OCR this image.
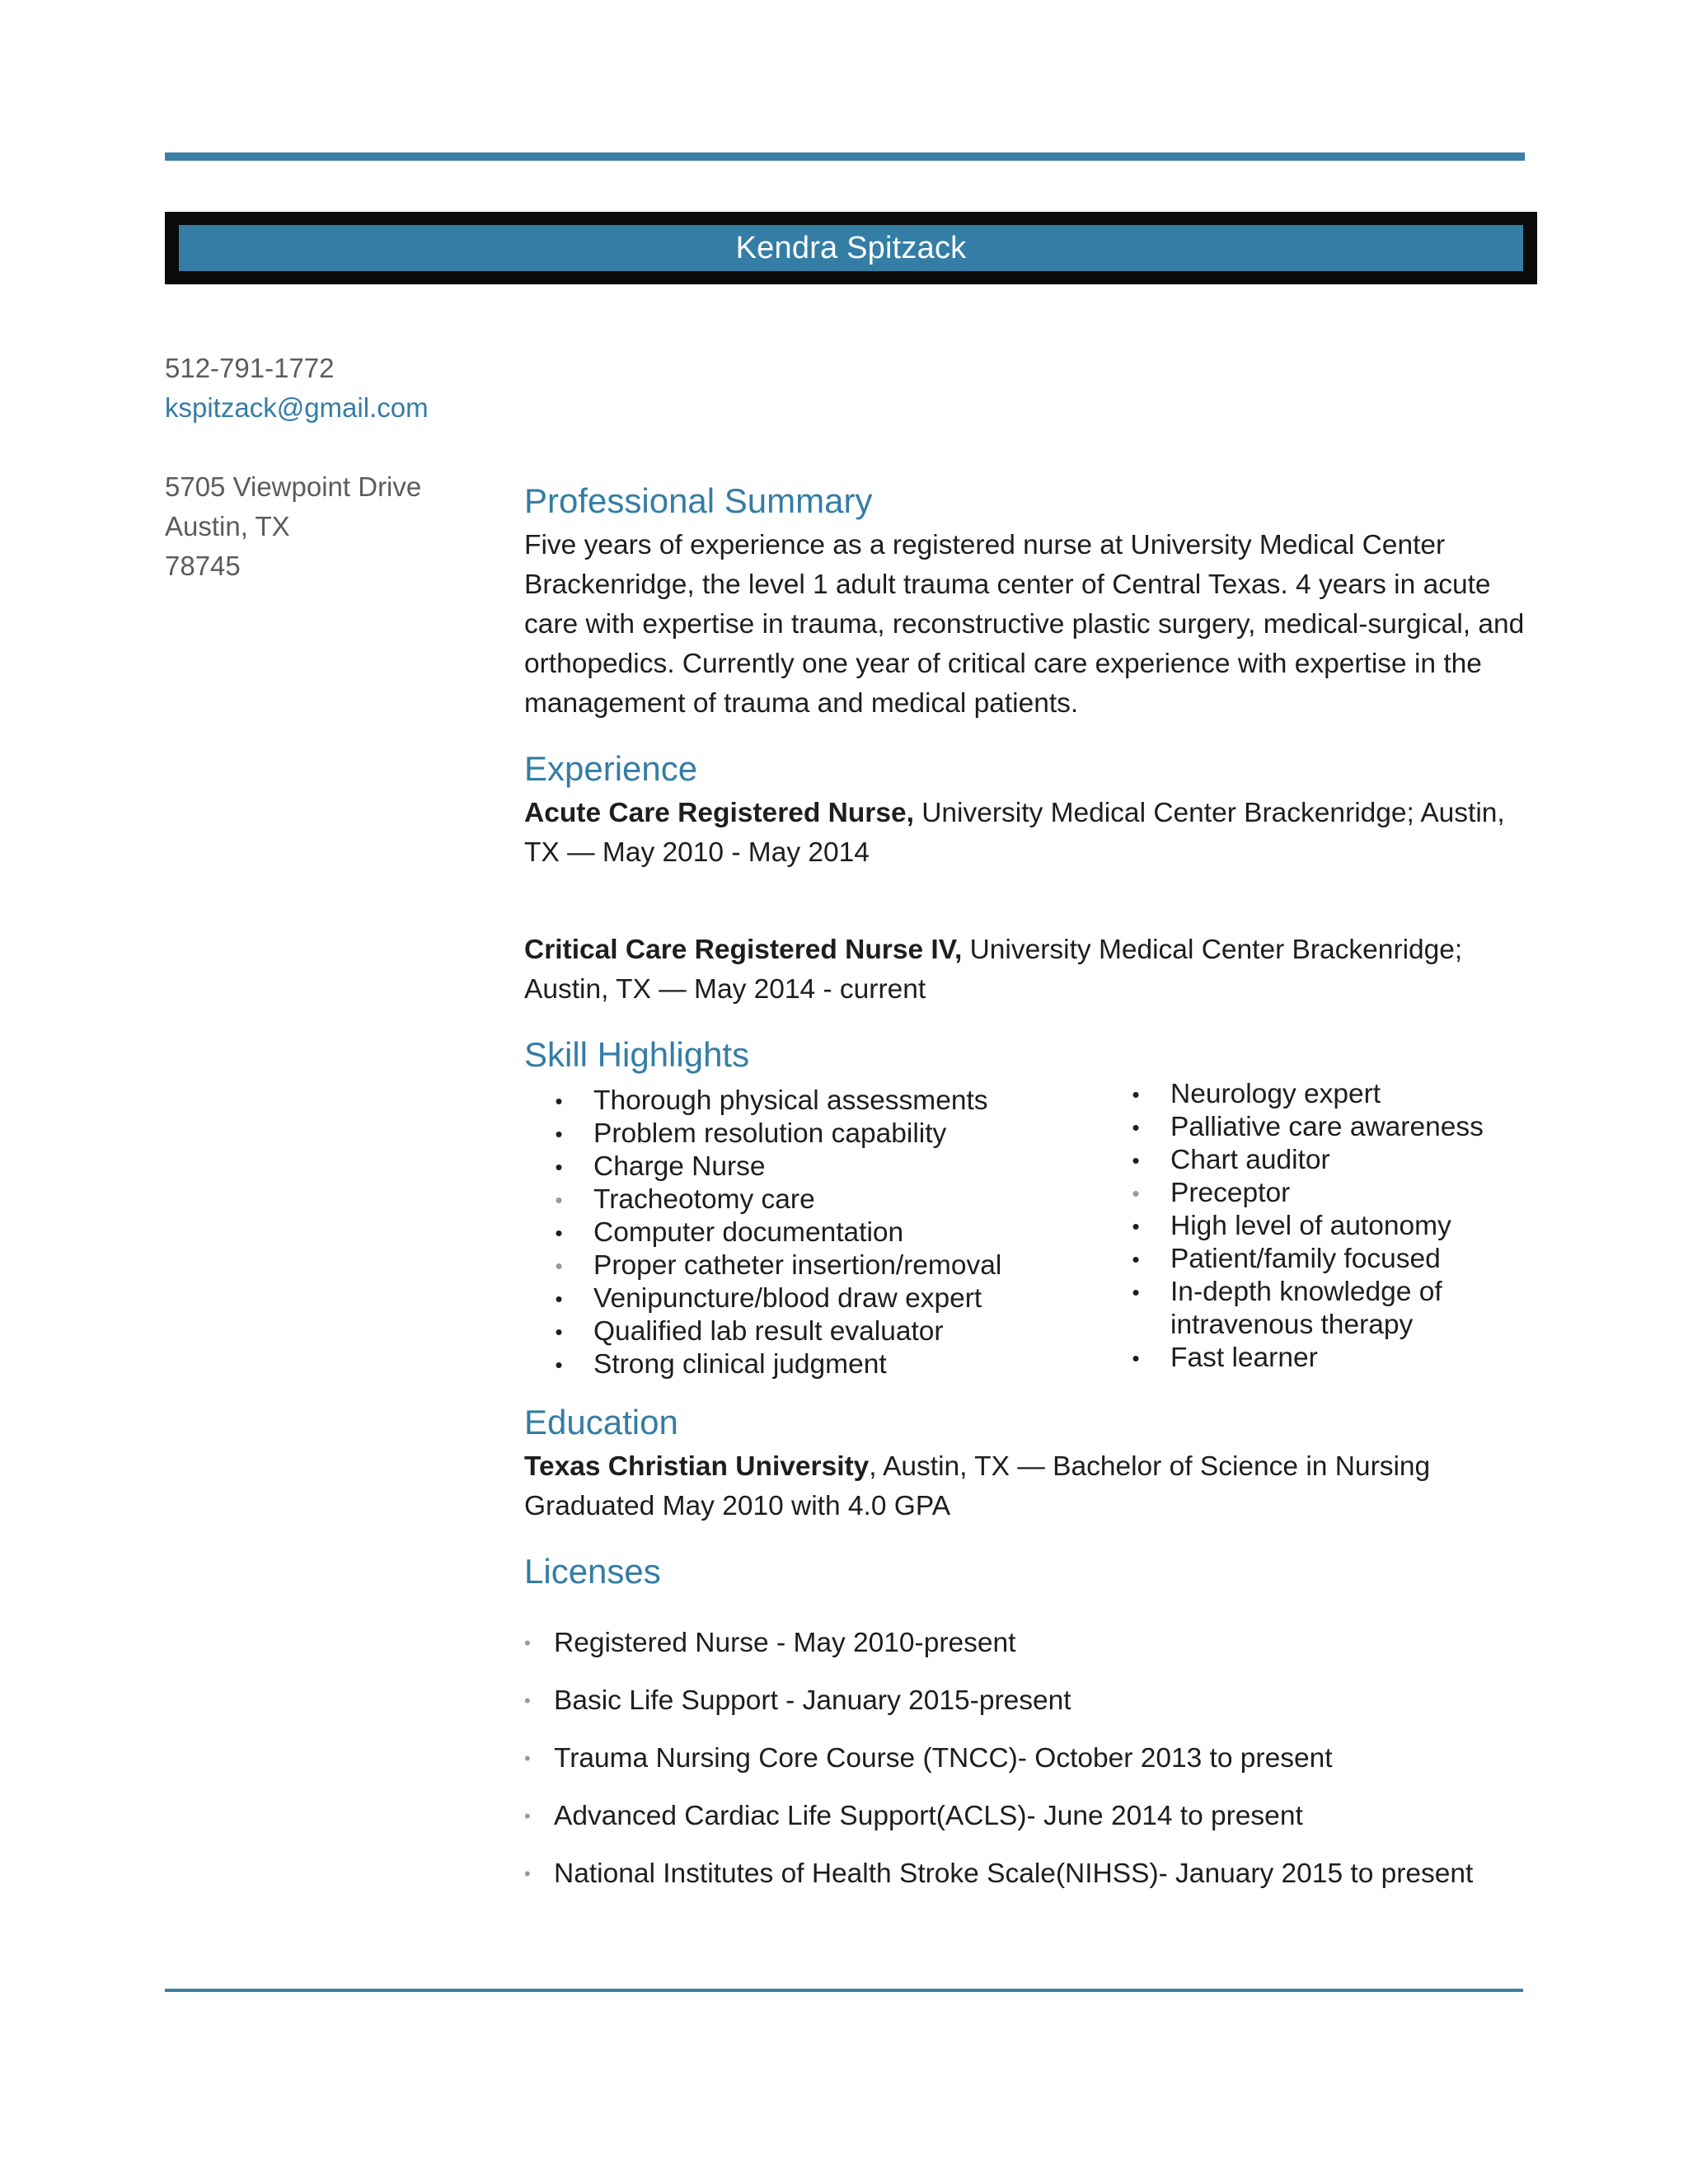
Kendra Spitzack
512-791-1772
kspitzack@gmail.com
5705 Viewpoint Drive
Austin, TX
78745
Professional Summary

Five years of experience as a registered nurse at University Medical Center Brackenridge, the level 1 adult trauma center of Central Texas. 4 years in acute care with expertise in trauma, reconstructive plastic surgery, medical-surgical, and orthopedics. Currently one year of critical care experience with expertise in the management of trauma and medical patients.

Experience

Acute Care Registered Nurse, University Medical Center Brackenridge; Austin, TX — May 2010 - May 2014

Critical Care Registered Nurse IV, University Medical Center Brackenridge; Austin, TX — May 2014 - current

Skill Highlights
•	Thorough physical assessments
•	Problem resolution capability
•	Charge Nurse
•	Tracheotomy care
•	Computer documentation
•	Proper catheter insertion/removal
•	Venipuncture/blood draw expert
•	Qualified lab result evaluator
•	Strong clinical judgment
•	Neurology expert
•	Palliative care awareness
•	Chart auditor
•	Preceptor
•	High level of autonomy
•	Patient/family focused
•	In-depth knowledge of intravenous therapy
•	Fast learner
Education

Texas Christian University, Austin, TX — Bachelor of Science in Nursing

Graduated May 2010 with 4.0 GPA

Licenses
• Registered Nurse - May 2010-present
• Basic Life Support - January 2015-present
• Trauma Nursing Core Course (TNCC)- October 2013 to present
• Advanced Cardiac Life Support(ACLS)- June 2014 to present
• National Institutes of Health Stroke Scale(NIHSS)- January 2015 to present
